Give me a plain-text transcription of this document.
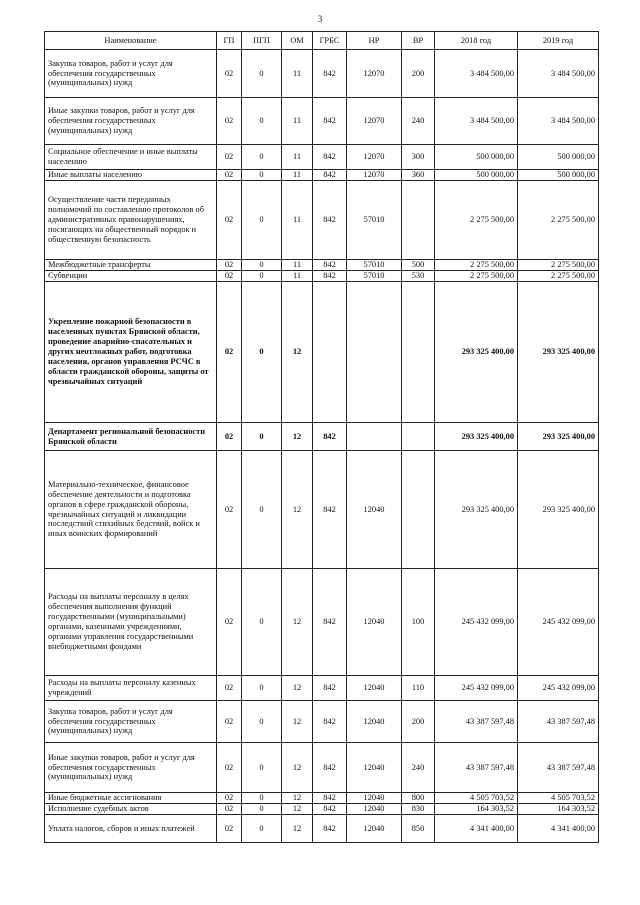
3
Наименование	ГП	ПГП	ОМ	ГРБС	НР	ВР	2018 год	2019 год
Закупка товаров, работ и услуг для обеспечения государственных (муниципальных) нужд	02	0	11	842	12070	200	3 484 500,00	3 484 500,00
Иные закупки товаров, работ и услуг для обеспечения государственных (муниципальных) нужд	02	0	11	842	12070	240	3 484 500,00	3 484 500,00
Социальное обеспечение и иные выплаты населению	02	0	11	842	12070	300	500 000,00	500 000,00
Иные выплаты населению	02	0	11	842	12070	360	500 000,00	500 000,00
Осуществление части переданных полномочий по составлению протоколов об административных правонарушениях, посягающих на общественный порядок и общественную безопасность	02	0	11	842	57010		2 275 500,00	2 275 500,00
Межбюджетные трансферты	02	0	11	842	57010	500	2 275 500,00	2 275 500,00
Субвенции	02	0	11	842	57010	530	2 275 500,00	2 275 500,00
Укрепление пожарной безопасности в населенных пунктах Брянской области, проведение аварийно-спасательных и других неотложных работ, подготовка населения, органов управления РСЧС в области гражданской обороны, защиты от чрезвычайных ситуаций	02	0	12				293 325 400,00	293 325 400,00
Департамент региональной безопасности Брянской области	02	0	12	842			293 325 400,00	293 325 400,00
Материально-техническое, финансовое обеспечение деятельности и подготовка органов в сфере гражданской обороны, чрезвычайных ситуаций и ликвидации последствий стихийных бедствий, войск и иных воинских формирований	02	0	12	842	12040		293 325 400,00	293 325 400,00
Расходы на выплаты персоналу в целях обеспечения выполнения функций государственными (муниципальными) органами, казенными учреждениями, органами управления государственными внебюджетными фондами	02	0	12	842	12040	100	245 432 099,00	245 432 099,00
Расходы на выплаты персоналу казенных учреждений	02	0	12	842	12040	110	245 432 099,00	245 432 099,00
Закупка товаров, работ и услуг для обеспечения государственных (муниципальных) нужд	02	0	12	842	12040	200	43 387 597,48	43 387 597,48
Иные закупки товаров, работ и услуг для обеспечения государственных (муниципальных) нужд	02	0	12	842	12040	240	43 387 597,48	43 387 597,48
Иные бюджетные ассигнования	02	0	12	842	12040	800	4 505 703,52	4 505 703,52
Исполнение судебных актов	02	0	12	842	12040	830	164 303,52	164 303,52
Уплата налогов, сборов и иных платежей	02	0	12	842	12040	850	4 341 400,00	4 341 400,00
